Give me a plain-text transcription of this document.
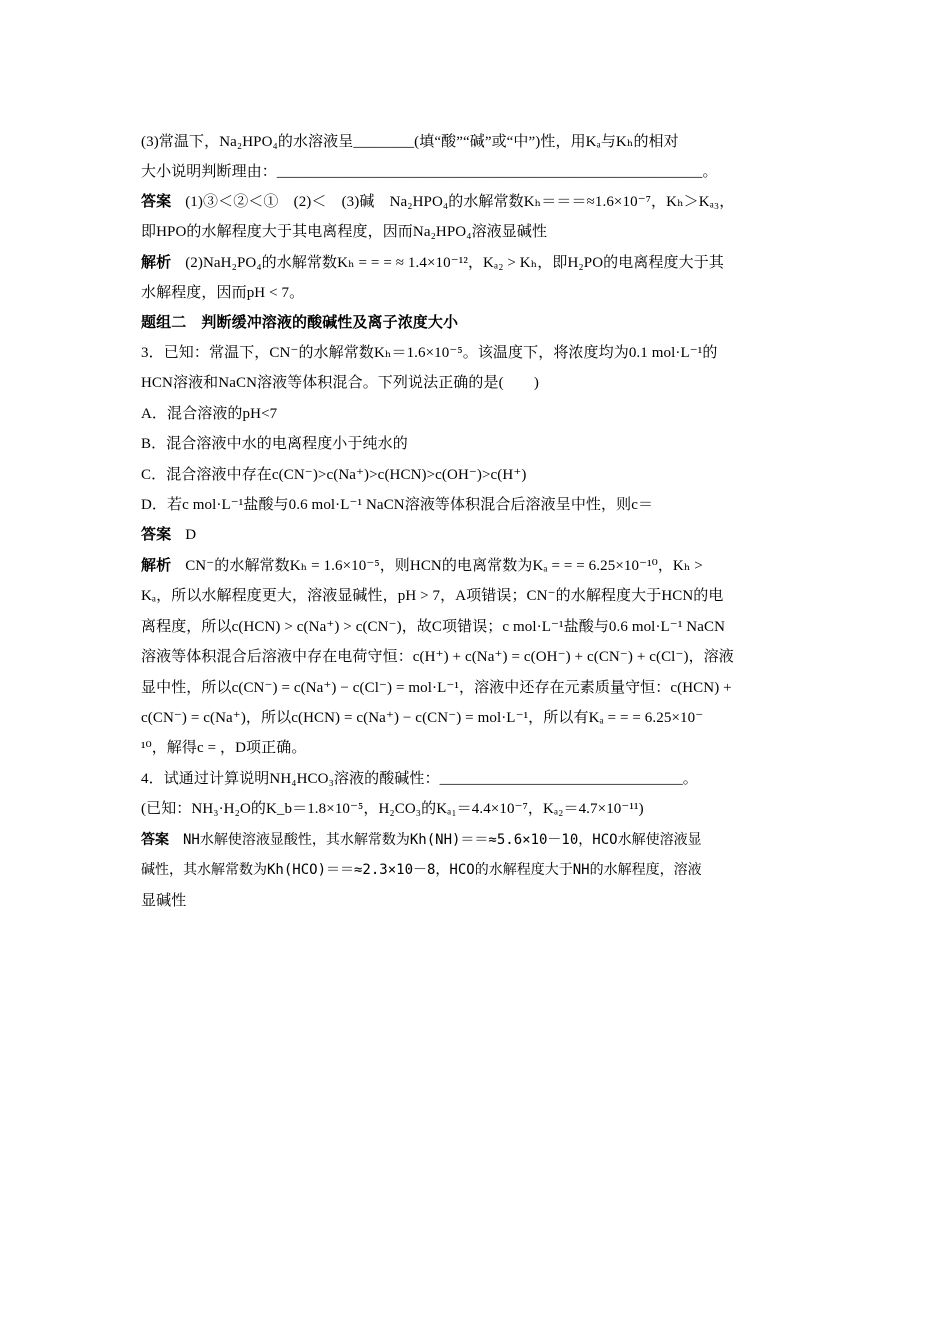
(3)常温下，Na₂HPO₄的水溶液呈________(填“酸”“碱”或“中”)性，用Kₐ与Kₕ的相对
大小说明判断理由：________________________________________________________。
答案 (1)③＜②＜①　(2)＜　(3)碱　Na₂HPO₄的水解常数Kₕ＝＝＝≈1.6×10⁻⁷，Kₕ＞Kₐ₃，
即HPO的水解程度大于其电离程度，因而Na₂HPO₄溶液显碱性
解析 (2)NaH₂PO₄的水解常数Kₕ = = = ≈ 1.4×10⁻¹²，Kₐ₂ > Kₕ，即H₂PO的电离程度大于其
水解程度，因而pH < 7。
题组二　判断缓冲溶液的酸碱性及离子浓度大小
3．已知：常温下，CN⁻的水解常数Kₕ＝1.6×10⁻⁵。该温度下，将浓度均为0.1 mol·L⁻¹的
HCN溶液和NaCN溶液等体积混合。下列说法正确的是(　　)
A．混合溶液的pH<7
B．混合溶液中水的电离程度小于纯水的
C．混合溶液中存在c(CN⁻)>c(Na⁺)>c(HCN)>c(OH⁻)>c(H⁺)
D．若c mol·L⁻¹盐酸与0.6 mol·L⁻¹ NaCN溶液等体积混合后溶液呈中性，则c＝
答案 D
解析 CN⁻的水解常数Kₕ = 1.6×10⁻⁵，则HCN的电离常数为Kₐ = = = 6.25×10⁻¹⁰，Kₕ >
Kₐ，所以水解程度更大，溶液显碱性，pH > 7，A项错误；CN⁻的水解程度大于HCN的电
离程度，所以c(HCN) > c(Na⁺) > c(CN⁻)，故C项错误；c mol·L⁻¹盐酸与0.6 mol·L⁻¹ NaCN
溶液等体积混合后溶液中存在电荷守恒：c(H⁺) + c(Na⁺) = c(OH⁻) + c(CN⁻) + c(Cl⁻)，溶液
显中性，所以c(CN⁻) = c(Na⁺) − c(Cl⁻) = mol·L⁻¹，溶液中还存在元素质量守恒：c(HCN) +
c(CN⁻) = c(Na⁺)，所以c(HCN) = c(Na⁺) − c(CN⁻) = mol·L⁻¹，所以有Kₐ = = = 6.25×10⁻
¹⁰，解得c = ，D项正确。
4．试通过计算说明NH₄HCO₃溶液的酸碱性：________________________________。
(已知：NH₃·H₂O的K_b＝1.8×10⁻⁵，H₂CO₃的Kₐ₁＝4.4×10⁻⁷，Kₐ₂＝4.7×10⁻¹¹)
答案 NH水解使溶液显酸性，其水解常数为Kh(NH)＝＝≈5.6×10－10，HCO水解使溶液显
碱性，其水解常数为Kh(HCO)＝＝≈2.3×10－8，HCO的水解程度大于NH的水解程度，溶液
显碱性
